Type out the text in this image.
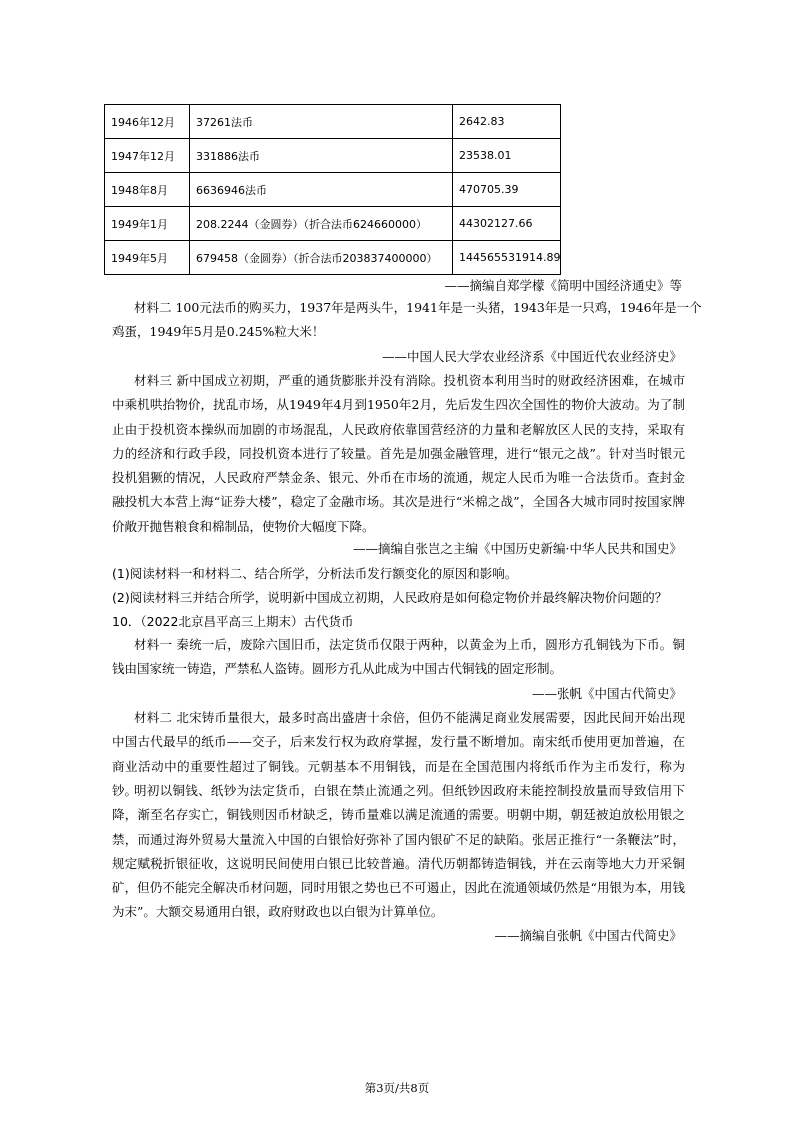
1946年12月	37261法币	2642.83
1947年12月	331886法币	23538.01
1948年8月	6636946法币	470705.39
1949年1月	208.2244（金圆券）（折合法币624660000）	44302127.66
1949年5月	679458（金圆券）（折合法币203837400000）	144565531914.89
——摘编自郑学檬《简明中国经济通史》等
材料二 100元法币的购买力，1937年是两头牛，1941年是一头猪，1943年是一只鸡，1946年是一个
鸡蛋，1949年5月是0.245%粒大米！
——中国人民大学农业经济系《中国近代农业经济史》
材料三 新中国成立初期，严重的通货膨胀并没有消除。投机资本利用当时的财政经济困难，在城市中乘机哄抬物价，扰乱市场，从1949年4月到1950年2月，先后发生四次全国性的物价大波动。为了制止由于投机资本操纵而加剧的市场混乱，人民政府依靠国营经济的力量和老解放区人民的支持，采取有力的经济和行政手段，同投机资本进行了较量。首先是加强金融管理，进行“银元之战”。针对当时银元投机猖獗的情况，人民政府严禁金条、银元、外币在市场的流通，规定人民币为唯一合法货币。查封金融投机大本营上海“证券大楼”，稳定了金融市场。其次是进行“米棉之战”，全国各大城市同时按国家牌价敞开抛售粮食和棉制品，使物价大幅度下降。
——摘编自张岂之主编《中国历史新编·中华人民共和国史》
(1)阅读材料一和材料二、结合所学，分析法币发行额变化的原因和影响。
(2)阅读材料三并结合所学，说明新中国成立初期，人民政府是如何稳定物价并最终解决物价问题的？
10．（2022北京昌平高三上期末）古代货币
材料一 秦统一后，废除六国旧币，法定货币仅限于两种，以黄金为上币，圆形方孔铜钱为下币。铜钱由国家统一铸造，严禁私人盗铸。圆形方孔从此成为中国古代铜钱的固定形制。
——张帆《中国古代简史》
材料二 北宋铸币量很大，最多时高出盛唐十余倍，但仍不能满足商业发展需要，因此民间开始出现中国古代最早的纸币——交子，后来发行权为政府掌握，发行量不断增加。南宋纸币使用更加普遍，在商业活动中的重要性超过了铜钱。元朝基本不用铜钱，而是在全国范围内将纸币作为主币发行，称为钞。
明初以铜钱、纸钞为法定货币，白银在禁止流通之列。但纸钞因政府未能控制投放量而导致信用下降，渐至名存实亡，铜钱则因币材缺乏，铸币量难以满足流通的需要。明朝中期，朝廷被迫放松用银之禁，而通过海外贸易大量流入中国的白银恰好弥补了国内银矿不足的缺陷。张居正推行“一条鞭法”时，规定赋税折银征收，这说明民间使用白银已比较普遍。清代历朝都铸造铜钱，并在云南等地大力开采铜矿，但仍不能完全解决币材问题，同时用银之势也已不可遏止，因此在流通领域仍然是“用银为本，用钱为末”。大额交易通用白银，政府财政也以白银为计算单位。
——摘编自张帆《中国古代简史》
第3页/共8页
